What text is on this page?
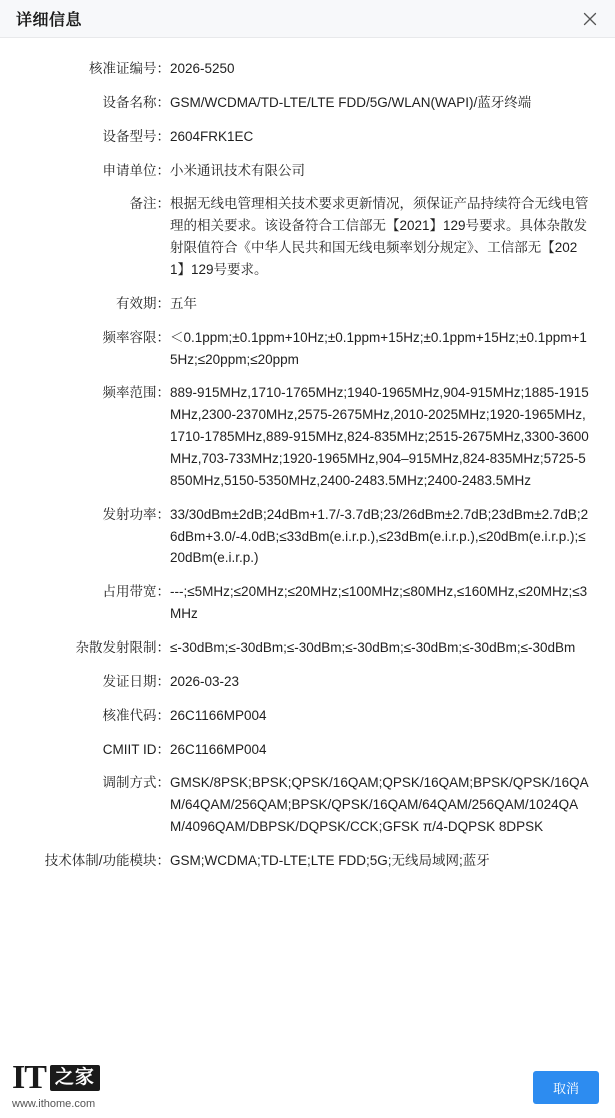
详细信息
核准证编号：	2026-5250
设备名称：	GSM/WCDMA/TD-LTE/LTE FDD/5G/WLAN(WAPI)/蓝牙终端
设备型号：	2604FRK1EC
申请单位：	小米通讯技术有限公司
备注：	根据无线电管理相关技术要求更新情况，须保证产品持续符合无线电管理的相关要求。该设备符合工信部无【2021】129号要求。具体杂散发射限值符合《中华人民共和国无线电频率划分规定》、工信部无【2021】129号要求。
有效期：	五年
频率容限：	＜0.1ppm;±0.1ppm+10Hz;±0.1ppm+15Hz;±0.1ppm+15Hz;±0.1ppm+15Hz;≤20ppm;≤20ppm
频率范围：	889-915MHz,1710-1765MHz;1940-1965MHz,904-915MHz;1885-1915MHz,2300-2370MHz,2575-2675MHz,2010-2025MHz;1920-1965MHz,1710-1785MHz,889-915MHz,824-835MHz;2515-2675MHz,3300-3600MHz,703-733MHz;1920-1965MHz,904–915MHz,824-835MHz;5725-5850MHz,5150-5350MHz,2400-2483.5MHz;2400-2483.5MHz
发射功率：	33/30dBm±2dB;24dBm+1.7/-3.7dB;23/26dBm±2.7dB;23dBm±2.7dB;26dBm+3.0/-4.0dB;≤33dBm(e.i.r.p.),≤23dBm(e.i.r.p.),≤20dBm(e.i.r.p.);≤20dBm(e.i.r.p.)
占用带宽：	---;≤5MHz;≤20MHz;≤20MHz;≤100MHz;≤80MHz,≤160MHz,≤20MHz;≤3MHz
杂散发射限制：	≤-30dBm;≤-30dBm;≤-30dBm;≤-30dBm;≤-30dBm;≤-30dBm;≤-30dBm
发证日期：	2026-03-23
核准代码：	26C1166MP004
CMIIT ID：	26C1166MP004
调制方式：	GMSK/8PSK;BPSK;QPSK/16QAM;QPSK/16QAM;BPSK/QPSK/16QAM/64QAM/256QAM;BPSK/QPSK/16QAM/64QAM/256QAM/1024QAM/4096QAM/DBPSK/DQPSK/CCK;GFSK π/4-DQPSK 8DPSK
技术体制/功能模块：	GSM;WCDMA;TD-LTE;LTE FDD;5G;无线局域网;蓝牙
IT 之家
www.ithome.com
取消
